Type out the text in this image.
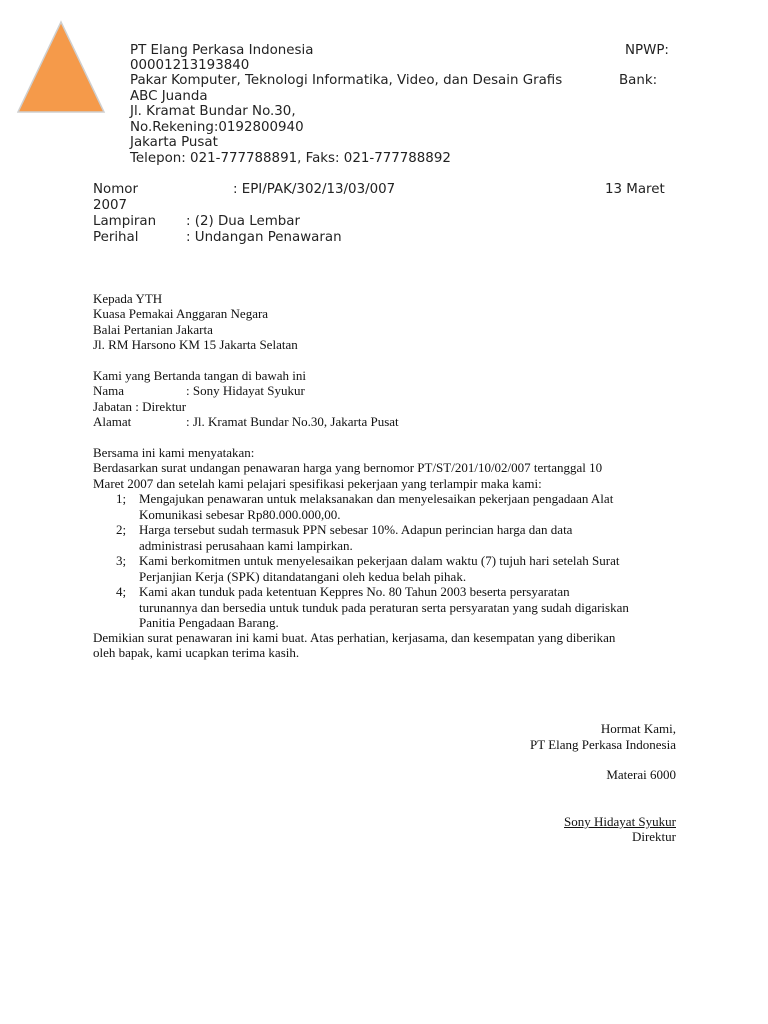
PT Elang Perkasa Indonesia	NPWP:
00001213193840
Pakar Komputer, Teknologi Informatika, Video, dan Desain Grafis	Bank:
ABC Juanda
Jl. Kramat Bundar No.30,
No.Rekening:0192800940
Jakarta Pusat
Telepon: 021-777788891, Faks: 021-777788892
Nomor	: EPI/PAK/302/13/03/007	13 Maret
2007
Lampiran : (2) Dua Lembar
Perihal	: Undangan Penawaran
Kepada YTH
Kuasa Pemakai Anggaran Negara
Balai Pertanian Jakarta
Jl. RM Harsono KM 15 Jakarta Selatan
Kami yang Bertanda tangan di bawah ini
Nama	: Sony Hidayat Syukur
Jabatan : Direktur
Alamat	: Jl. Kramat Bundar No.30, Jakarta Pusat
Bersama ini kami menyatakan:
Berdasarkan surat undangan penawaran harga yang bernomor PT/ST/201/10/02/007 tertanggal 10
Maret 2007 dan setelah kami pelajari spesifikasi pekerjaan yang terlampir maka kami:
1; Mengajukan penawaran untuk melaksanakan dan menyelesaikan pekerjaan pengadaan Alat
Komunikasi sebesar Rp80.000.000,00.
2; Harga tersebut sudah termasuk PPN sebesar 10%. Adapun perincian harga dan data
administrasi perusahaan kami lampirkan.
3; Kami berkomitmen untuk menyelesaikan pekerjaan dalam waktu (7) tujuh hari setelah Surat
Perjanjian Kerja (SPK) ditandatangani oleh kedua belah pihak.
4; Kami akan tunduk pada ketentuan Keppres No. 80 Tahun 2003 beserta persyaratan
turunannya dan bersedia untuk tunduk pada peraturan serta persyaratan yang sudah digariskan
Panitia Pengadaan Barang.
Demikian surat penawaran ini kami buat. Atas perhatian, kerjasama, dan kesempatan yang diberikan
oleh bapak, kami ucapkan terima kasih.
Hormat Kami,
PT Elang Perkasa Indonesia
Materai 6000
Sony Hidayat Syukur
Direktur
